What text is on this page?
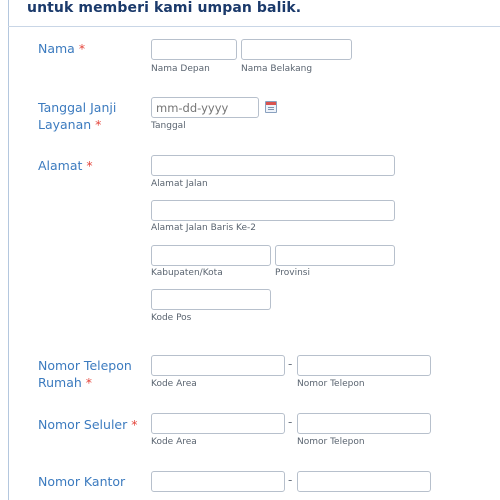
untuk memberi kami umpan balik.
Nama *
Nama Depan	Nama Belakang
Tanggal Janji
Layanan *
mm-dd-yyyy	Tanggal
Alamat *
Alamat Jalan
Alamat Jalan Baris Ke-2
Kabupaten/Kota	Provinsi
Kode Pos
Nomor Telepon
Rumah *
-
Kode Area	Nomor Telepon
Nomor Seluler *	-
Kode Area	Nomor Telepon
Nomor Kantor	-
